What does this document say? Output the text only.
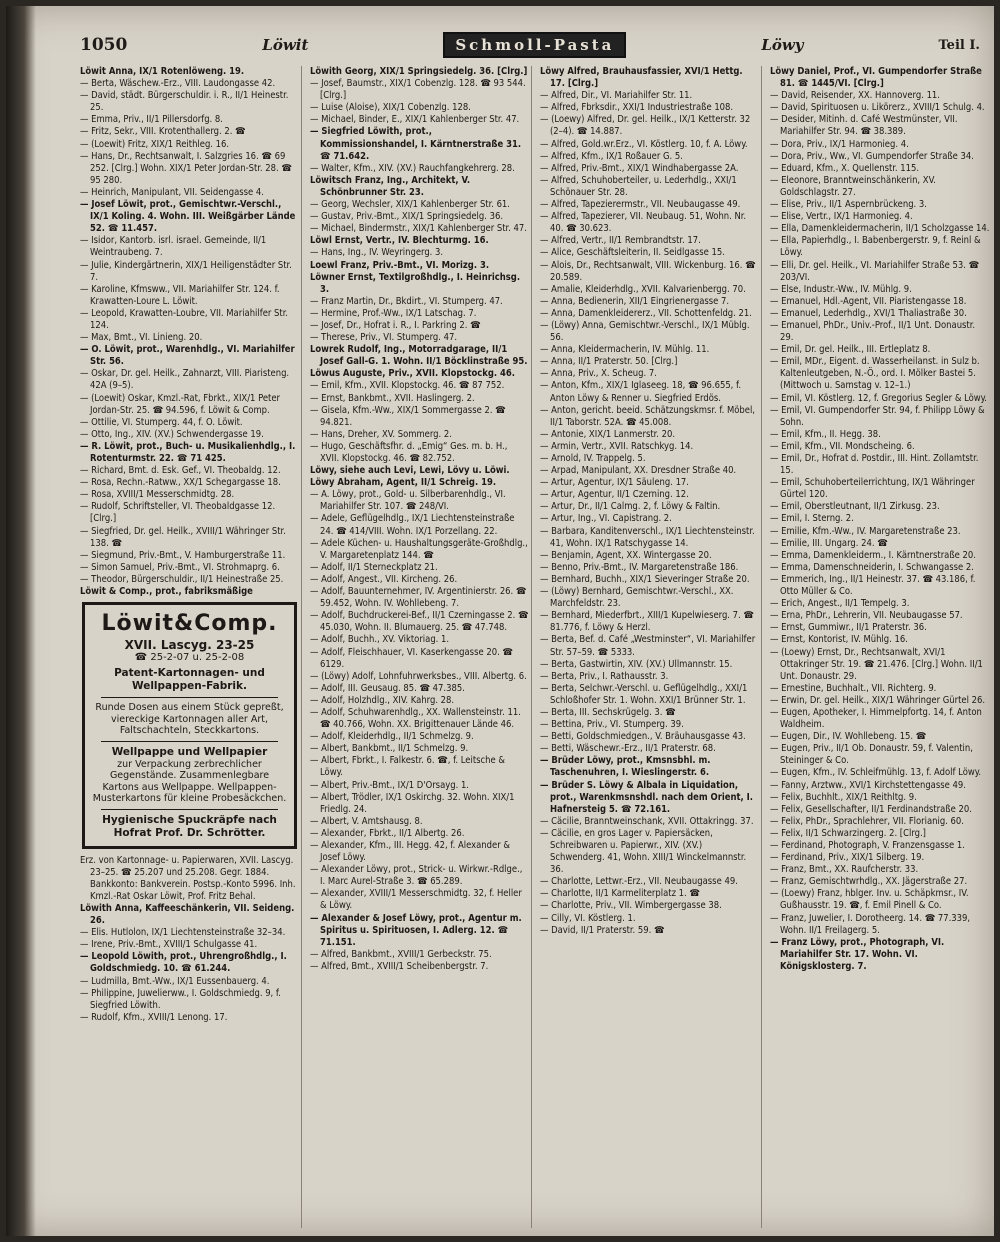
1050	Löwit	Schmoll-Pasta	Löwy	Teil I.
Löwit Anna, IX/1 Rotenlöweng. 19.
— Berta, Wäschew.-Erz., VIII. Laudongasse 42.
— David, städt. Bürgerschuldir. i. R., II/1 Heinestr. 25.
— Emma, Priv., II/1 Pillersdorfg. 8.
— Fritz, Sekr., VIII. Krotenthallerg. 2. ☎
— (Loewit) Fritz, XIX/1 Reithleg. 16.
— Hans, Dr., Rechtsanwalt, I. Salzgries 16. ☎ 69 252. [Clrg.] Wohn. XIX/1 Peter Jordan-Str. 28. ☎ 95 280.
— Heinrich, Manipulant, VII. Seidengasse 4.
— Josef Löwit, prot., Gemischtwr.-Verschl., IX/1 Koling. 4. Wohn. III. Weißgärber Lände 52. ☎ 11.457.
— Isidor, Kantorb. isrl. israel. Gemeinde, II/1 Weintraubeng. 7.
— Julie, Kindergärtnerin, XIX/1 Heiligenstädter Str. 7.
— Karoline, Kfmsww., VII. Mariahilfer Str. 124. f. Krawatten-Loure L. Löwit.
— Leopold, Krawatten-Loubre, VII. Mariahilfer Str. 124.
— Max, Bmt., VI. Linieng. 20.
— O. Löwit, prot., Warenhdlg., VI. Mariahilfer Str. 56.
— Oskar, Dr. gel. Heilk., Zahnarzt, VIII. Piaristeng. 42A (9–5).
— (Loewit) Oskar, Kmzl.-Rat, Fbrkt., XIX/1 Peter Jordan-Str. 25. ☎ 94.596, f. Löwit & Comp.
— Ottilie, VI. Stumperg. 44, f. O. Löwit.
— Otto, Ing., XIV. (XV.) Schwendergasse 19.
— R. Löwit, prot., Buch- u. Musikalienhdlg., I. Rotenturmstr. 22. ☎ 71 425.
— Richard, Bmt. d. Esk. Gef., VI. Theobaldg. 12.
— Rosa, Rechn.-Ratww., XX/1 Schegargasse 18.
— Rosa, XVIII/1 Messerschmidtg. 28.
— Rudolf, Schriftsteller, VI. Theobaldgasse 12. [Clrg.]
— Siegfried, Dr. gel. Heilk., XVIII/1 Währinger Str. 138. ☎
— Siegmund, Priv.-Bmt., V. Hamburgerstraße 11.
— Simon Samuel, Priv.-Bmt., VI. Strohmaprg. 6.
— Theodor, Bürgerschuldir., II/1 Heinestraße 25.
Löwit & Comp., prot., fabriksmäßige
Löwit&Comp.
XVII. Lascyg. 23-25
☎ 25-2-07 u. 25-2-08
Patent-Kartonnagen- und Wellpappen-Fabrik.
Runde Dosen aus einem Stück gepreßt, viereckige Kartonnagen aller Art, Faltschachteln, Steckkartons.
Wellpappe und Wellpapier
zur Verpackung zerbrechlicher Gegenstände. Zusammenlegbare Kartons aus Wellpappe. Wellpappen-Musterkartons für kleine Probesäckchen.
Hygienische Spuckräpfe nach Hofrat Prof. Dr. Schrötter.
Erz. von Kartonnage- u. Papierwaren, XVII. Lascyg. 23–25. ☎ 25.207 und 25.208. Gegr. 1884. Bankkonto: Bankverein. Postsp.-Konto 5996. Inh. Kmzl.-Rat Oskar Löwit, Prof. Fritz Behal.
Löwith Anna, Kaffeeschänkerin, VII. Seideng. 26.
— Elis. Hutlolon, IX/1 Liechtensteinstraße 32–34.
— Irene, Priv.-Bmt., XVIII/1 Schulgasse 41.
— Leopold Löwith, prot., Uhrengroßhdlg., I. Goldschmiedg. 10. ☎ 61.244.
— Ludmilla, Bmt.-Ww., IX/1 Eussenbauerg. 4.
— Philippine, Juwelierww., I. Goldschmiedg. 9, f. Siegfried Löwith.
— Rudolf, Kfm., XVIII/1 Lenong. 17.
Löwith Georg, XIX/1 Springsiedelg. 36. [Clrg.]
— Josef, Baumstr., XIX/1 Cobenzlg. 128. ☎ 93 544. [Clrg.]
— Luise (Aloise), XIX/1 Cobenzlg. 128.
— Michael, Binder, E., XIX/1 Kahlenberger Str. 47.
— Siegfried Löwith, prot., Kommissionshandel, I. Kärntnerstraße 31. ☎ 71.642.
— Walter, Kfm., XIV. (XV.) Rauchfangkehrerg. 28.
Löwitsch Franz, Ing., Architekt, V. Schönbrunner Str. 23.
— Georg, Wechsler, XIX/1 Kahlenberger Str. 61.
— Gustav, Priv.-Bmt., XIX/1 Springsiedelg. 36.
— Michael, Bindermstr., XIX/1 Kahlenberger Str. 47.
Löwl Ernst, Vertr., IV. Blechturmg. 16.
— Hans, Ing., IV. Weyringerg. 3.
Loewl Franz, Priv.-Bmt., VI. Morizg. 3.
Löwner Ernst, Textilgroßhdlg., I. Heinrichsg. 3.
— Franz Martin, Dr., Bkdirt., VI. Stumperg. 47.
— Hermine, Prof.-Ww., IX/1 Latschag. 7.
— Josef, Dr., Hofrat i. R., I. Parkring 2. ☎
— Therese, Priv., VI. Stumperg. 47.
Lowrek Rudolf, Ing., Motorradgarage, II/1 Josef Gall-G. 1. Wohn. II/1 Böcklinstraße 95.
Löwus Auguste, Priv., XVII. Klopstockg. 46.
— Emil, Kfm., XVII. Klopstockg. 46. ☎ 87 752.
— Ernst, Bankbmt., XVII. Haslingerg. 2.
— Gisela, Kfm.-Ww., XIX/1 Sommergasse 2. ☎ 94.821.
— Hans, Dreher, XV. Sommerg. 2.
— Hugo, Geschäftsfhr. d. „Emig“ Ges. m. b. H., XVII. Klopstockg. 46. ☎ 82.752.
Löwy, siehe auch Levi, Lewi, Lövy u. Löwi.
Löwy Abraham, Agent, II/1 Schreig. 19.
— A. Löwy, prot., Gold- u. Silberbarenhdlg., VI. Mariahilfer Str. 107. ☎ 248/VI.
— Adele, Geflügelhdlg., IX/1 Liechtensteinstraße 24. ☎ 414/VIII. Wohn. IX/1 Porzellang. 22.
— Adele Küchen- u. Haushaltungsgeräte-Großhdlg., V. Margaretenplatz 144. ☎
— Adolf, II/1 Sterneckplatz 21.
— Adolf, Angest., VII. Kircheng. 26.
— Adolf, Bauunternehmer, IV. Argentinierstr. 26. ☎ 59.452, Wohn. IV. Wohllebeng. 7.
— Adolf, Buchdruckerei-Bef., II/1 Czerningasse 2. ☎ 45.030, Wohn. II. Blumauerg. 25. ☎ 47.748.
— Adolf, Buchh., XV. Viktoriag. 1.
— Adolf, Fleischhauer, VI. Kaserkengasse 20. ☎ 6129.
— (Löwy) Adolf, Lohnfuhrwerksbes., VIII. Albertg. 6.
— Adolf, III. Geusaug. 85. ☎ 47.385.
— Adolf, Holzhdlg., XIV. Kahrg. 28.
— Adolf, Schuhwarenhdlg., XX. Wallensteinstr. 11. ☎ 40.766, Wohn. XX. Brigittenauer Lände 46.
— Adolf, Kleiderhdlg., II/1 Schmelzg. 9.
— Albert, Bankbmt., II/1 Schmelzg. 9.
— Albert, Fbrkt., I. Falkestr. 6. ☎, f. Leitsche & Löwy.
— Albert, Priv.-Bmt., IX/1 D'Orsayg. 1.
— Albert, Trödler, IX/1 Oskirchg. 32. Wohn. XIX/1 Friedlg. 24.
— Albert, V. Amtshausg. 8.
— Alexander, Fbrkt., II/1 Albertg. 26.
— Alexander, Kfm., III. Hegg. 42, f. Alexander & Josef Löwy.
— Alexander Löwy, prot., Strick- u. Wirkwr.-Rdlge., I. Marc Aurel-Straße 3. ☎ 65.289.
— Alexander, XVIII/1 Messerschmidtg. 32, f. Heller & Löwy.
— Alexander & Josef Löwy, prot., Agentur m. Spiritus u. Spirituosen, I. Adlerg. 12. ☎ 71.151.
— Alfred, Bankbmt., XVIII/1 Gerbeckstr. 75.
— Alfred, Bmt., XVIII/1 Scheibenbergstr. 7.
Löwy Alfred, Brauhausfassier, XVI/1 Hettg. 17. [Clrg.]
— Alfred, Dir., VI. Mariahilfer Str. 11.
— Alfred, Fbrksdir., XXI/1 Industriestraße 108.
— (Loewy) Alfred, Dr. gel. Heilk., IX/1 Ketterstr. 32 (2–4). ☎ 14.887.
— Alfred, Gold.wr.Erz., VI. Köstlerg. 10, f. A. Löwy.
— Alfred, Kfm., IX/1 Roßauer G. 5.
— Alfred, Priv.-Bmt., XIX/1 Windhabergasse 2A.
— Alfred, Schuhoberteiler, u. Lederhdlg., XXI/1 Schönauer Str. 28.
— Alfred, Tapezierermstr., VII. Neubaugasse 49.
— Alfred, Tapezierer, VII. Neubaug. 51, Wohn. Nr. 40. ☎ 30.623.
— Alfred, Vertr., II/1 Rembrandtstr. 17.
— Alice, Geschäftsleiterin, II. Seidlgasse 15.
— Alois, Dr., Rechtsanwalt, VIII. Wickenburg. 16. ☎ 20.589.
— Amalie, Kleiderhdlg., XVII. Kalvarienbergg. 70.
— Anna, Bedienerin, XII/1 Eingrienergasse 7.
— Anna, Damenkleidererz., VII. Schottenfeldg. 21.
— (Löwy) Anna, Gemischtwr.-Verschl., IX/1 Müblg. 56.
— Anna, Kleidermacherin, IV. Mühlg. 11.
— Anna, II/1 Praterstr. 50. [Clrg.]
— Anna, Priv., X. Scheug. 7.
— Anton, Kfm., XIX/1 Iglaseeg. 18, ☎ 96.655, f. Anton Löwy & Renner u. Siegfried Erdös.
— Anton, gericht. beeid. Schätzungskmsr. f. Möbel, II/1 Taborstr. 52A. ☎ 45.008.
— Antonie, XIX/1 Lanmerstr. 20.
— Armin, Vertr., XVII. Ratschkyg. 14.
— Arnold, IV. Trappelg. 5.
— Arpad, Manipulant, XX. Dresdner Straße 40.
— Artur, Agentur, IX/1 Säuleng. 17.
— Artur, Agentur, II/1 Czerning. 12.
— Artur, Dr., II/1 Calmg. 2, f. Löwy & Faltin.
— Artur, Ing., VI. Capistrang. 2.
— Barbara, Kanditenverschl., IX/1 Liechtensteinstr. 41, Wohn. IX/1 Ratschygasse 14.
— Benjamin, Agent, XX. Wintergasse 20.
— Benno, Priv.-Bmt., IV. Margaretenstraße 186.
— Bernhard, Buchh., XIX/1 Sieveringer Straße 20.
— (Löwy) Bernhard, Gemischtwr.-Verschl., XX. Marchfeldstr. 23.
— Bernhard, Miederfbrt., XIII/1 Kupelwieserg. 7. ☎ 81.776, f. Löwy & Herzl.
— Berta, Bef. d. Café „Westminster“, VI. Mariahilfer Str. 57–59. ☎ 5333.
— Berta, Gastwirtin, XIV. (XV.) Ullmannstr. 15.
— Berta, Priv., I. Rathausstr. 3.
— Berta, Selchwr.-Verschl. u. Geflügelhdlg., XXI/1 Schloßhofer Str. 1. Wohn. XXI/1 Brünner Str. 1.
— Berta, III. Sechskrügelg. 3. ☎
— Bettina, Priv., VI. Stumperg. 39.
— Betti, Goldschmiedgen., V. Bräuhausgasse 43.
— Betti, Wäschewr.-Erz., II/1 Praterstr. 68.
— Brüder Löwy, prot., Kmsnsbhl. m. Taschenuhren, I. Wieslingerstr. 6.
— Brüder S. Löwy & Albala in Liquidation, prot., Warenkmsnshdl. nach dem Orient, I. Hafnersteig 5. ☎ 72.161.
— Cäcilie, Branntweinschank, XVII. Ottakringg. 37.
— Cäcilie, en gros Lager v. Papiersäcken, Schreibwaren u. Papierwr., XIV. (XV.) Schwenderg. 41, Wohn. XIII/1 Winckelmannstr. 36.
— Charlotte, Lettwr.-Erz., VII. Neubaugasse 49.
— Charlotte, II/1 Karmeliterplatz 1. ☎
— Charlotte, Priv., VII. Wimbergergasse 38.
— Cilly, VI. Köstlerg. 1.
— David, II/1 Praterstr. 59. ☎
Löwy Daniel, Prof., VI. Gumpendorfer Straße 81. ☎ 1445/VI. [Clrg.]
— David, Reisender, XX. Hannoverg. 11.
— David, Spirituosen u. Likörerz., XVIII/1 Schulg. 4.
— Desider, Mitinh. d. Café Westmünster, VII. Mariahilfer Str. 94. ☎ 38.389.
— Dora, Priv., IX/1 Harmonieg. 4.
— Dora, Priv., Ww., VI. Gumpendorfer Straße 34.
— Eduard, Kfm., X. Quellenstr. 115.
— Eleonore, Branntweinschänkerin, XV. Goldschlagstr. 27.
— Elise, Priv., II/1 Aspernbrückeng. 3.
— Elise, Vertr., IX/1 Harmonieg. 4.
— Ella, Damenkleidermacherin, II/1 Scholzgasse 14.
— Ella, Papierhdlg., I. Babenbergerstr. 9, f. Reinl & Löwy.
— Elli, Dr. gel. Heilk., VI. Mariahilfer Straße 53. ☎ 203/VI.
— Else, Industr.-Ww., IV. Mühlg. 9.
— Emanuel, Hdl.-Agent, VII. Piaristengasse 18.
— Emanuel, Lederhdlg., XVI/1 Thaliastraße 30.
— Emanuel, PhDr., Univ.-Prof., II/1 Unt. Donaustr. 29.
— Emil, Dr. gel. Heilk., III. Ertleplatz 8.
— Emil, MDr., Eigent. d. Wasserheilanst. in Sulz b. Kaltenleutgeben, N.-Ö., ord. I. Mölker Bastei 5. (Mittwoch u. Samstag v. 12–1.)
— Emil, VI. Köstlerg. 12, f. Gregorius Segler & Löwy.
— Emil, VI. Gumpendorfer Str. 94, f. Philipp Löwy & Sohn.
— Emil, Kfm., II. Hegg. 38.
— Emil, Kfm., VII. Mondscheing. 6.
— Emil, Dr., Hofrat d. Postdir., III. Hint. Zollamtstr. 15.
— Emil, Schuhoberteilerrichtung, IX/1 Währinger Gürtel 120.
— Emil, Oberstleutnant, II/1 Zirkusg. 23.
— Emil, I. Sterng. 2.
— Emilie, Kfm.-Ww., IV. Margaretenstraße 23.
— Emilie, III. Ungarg. 24. ☎
— Emma, Damenkleiderm., I. Kärntnerstraße 20.
— Emma, Damenschneiderin, I. Schwangasse 2.
— Emmerich, Ing., II/1 Heinestr. 37. ☎ 43.186, f. Otto Müller & Co.
— Erich, Angest., II/1 Tempelg. 3.
— Erna, PhDr., Lehrerin, VII. Neubaugasse 57.
— Ernst, Gummiwr., II/1 Praterstr. 36.
— Ernst, Kontorist, IV. Mühlg. 16.
— (Loewy) Ernst, Dr., Rechtsanwalt, XVI/1 Ottakringer Str. 19. ☎ 21.476. [Clrg.] Wohn. II/1 Unt. Donaustr. 29.
— Ernestine, Buchhalt., VII. Richterg. 9.
— Erwin, Dr. gel. Heilk., XIX/1 Währinger Gürtel 26.
— Eugen, Apotheker, I. Himmelpfortg. 14, f. Anton Waldheim.
— Eugen, Dir., IV. Wohllebeng. 15. ☎
— Eugen, Priv., II/1 Ob. Donaustr. 59, f. Valentin, Steininger & Co.
— Eugen, Kfm., IV. Schleifmühlg. 13, f. Adolf Löwy.
— Fanny, Arztww., XVI/1 Kirchstettengasse 49.
— Felix, Buchhlt., XIX/1 Reithltg. 9.
— Felix, Gesellschafter, II/1 Ferdinandstraße 20.
— Felix, PhDr., Sprachlehrer, VII. Florianig. 60.
— Felix, II/1 Schwarzingerg. 2. [Clrg.]
— Ferdinand, Photograph, V. Franzensgasse 1.
— Ferdinand, Priv., XIX/1 Silberg. 19.
— Franz, Bmt., XX. Raufcherstr. 33.
— Franz, Gemischtwrhdlg., XX. Jägerstraße 27.
— (Loewy) Franz, hblger. Inv. u. Schäpkmsr., IV. Gußhausstr. 19. ☎, f. Emil Pinell & Co.
— Franz, Juwelier, I. Dorotheerg. 14. ☎ 77.339, Wohn. II/1 Freilagerg. 5.
— Franz Löwy, prot., Photograph, VI. Mariahilfer Str. 17. Wohn. VI. Königsklosterg. 7.
